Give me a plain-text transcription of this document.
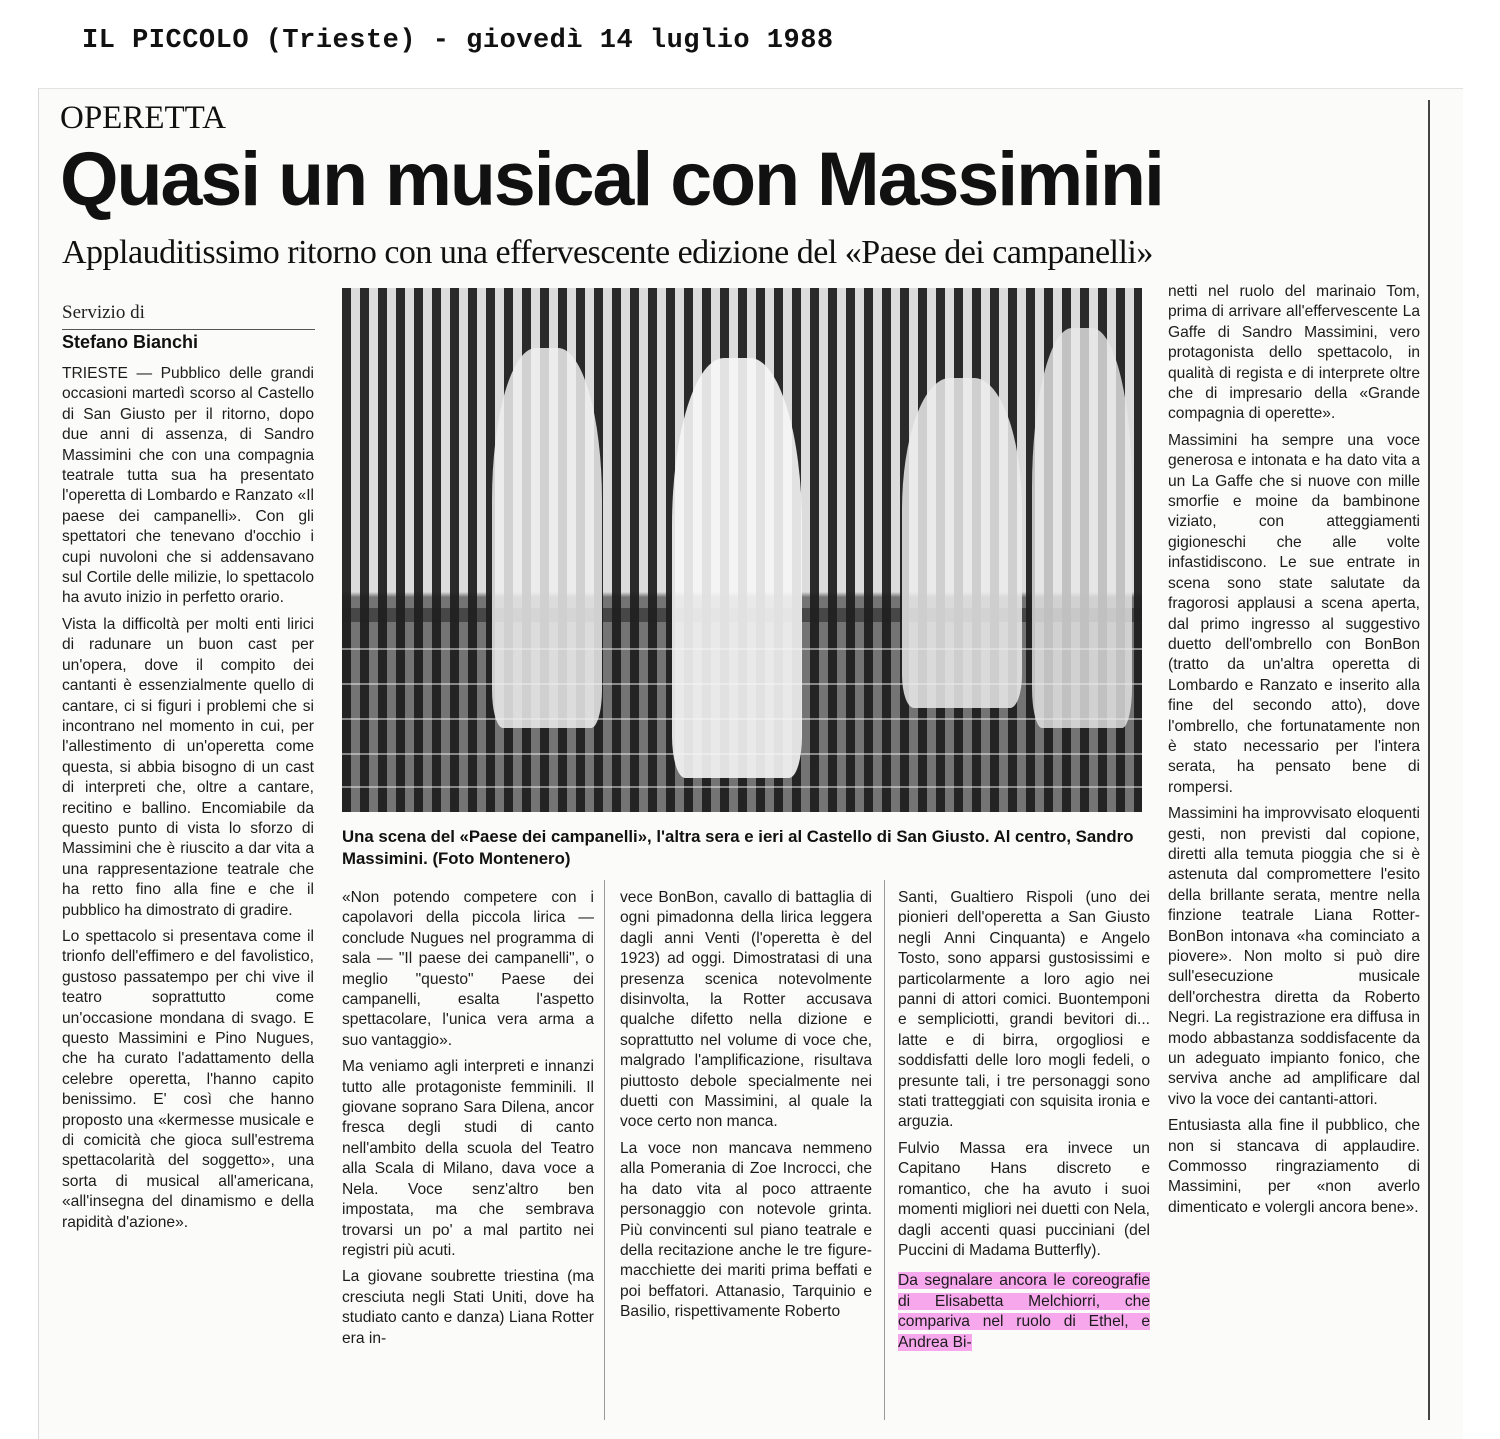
IL PICCOLO (Trieste) - giovedì 14 luglio 1988
OPERETTA
Quasi un musical con Massimini
Applauditissimo ritorno con una effervescente edizione del «Paese dei campanelli»
Servizio di
Stefano Bianchi

TRIESTE — Pubblico delle grandi occasioni martedì scorso al Castello di San Giusto per il ritorno, dopo due anni di assenza, di Sandro Massimini che con una compagnia teatrale tutta sua ha presentato l'operetta di Lombardo e Ranzato «Il paese dei campanelli». Con gli spettatori che tenevano d'occhio i cupi nuvoloni che si addensavano sul Cortile delle milizie, lo spettacolo ha avuto inizio in perfetto orario.

Vista la difficoltà per molti enti lirici di radunare un buon cast per un'opera, dove il compito dei cantanti è essenzialmente quello di cantare, ci si figuri i problemi che si incontrano nel momento in cui, per l'allestimento di un'operetta come questa, si abbia bisogno di un cast di interpreti che, oltre a cantare, recitino e ballino. Encomiabile da questo punto di vista lo sforzo di Massimini che è riuscito a dar vita a una rappresentazione teatrale che ha retto fino alla fine e che il pubblico ha dimostrato di gradire.

Lo spettacolo si presentava come il trionfo dell'effimero e del favolistico, gustoso passatempo per chi vive il teatro soprattutto come un'occasione mondana di svago. E questo Massimini e Pino Nugues, che ha curato l'adattamento della celebre operetta, l'hanno capito benissimo. E' così che hanno proposto una «kermesse musicale e di comicità che gioca sull'estrema spettacolarità del soggetto», una sorta di musical all'americana, «all'insegna del dinamismo e della rapidità d'azione».

Una scena del «Paese dei campanelli», l'altra sera e ieri al Castello di San Giusto. Al centro, Sandro Massimini. (Foto Montenero)

«Non potendo competere con i capolavori della piccola lirica — conclude Nugues nel programma di sala — "Il paese dei campanelli", o meglio "questo" Paese dei campanelli, esalta l'aspetto spettacolare, l'unica vera arma a suo vantaggio».

Ma veniamo agli interpreti e innanzi tutto alle protagoniste femminili. Il giovane soprano Sara Dilena, ancor fresca degli studi di canto nell'ambito della scuola del Teatro alla Scala di Milano, dava voce a Nela. Voce senz'altro ben impostata, ma che sembrava trovarsi un po' a mal partito nei registri più acuti.

La giovane soubrette triestina (ma cresciuta negli Stati Uniti, dove ha studiato canto e danza) Liana Rotter era in-

vece BonBon, cavallo di battaglia di ogni pimadonna della lirica leggera dagli anni Venti (l'operetta è del 1923) ad oggi. Dimostratasi di una presenza scenica notevolmente disinvolta, la Rotter accusava qualche difetto nella dizione e soprattutto nel volume di voce che, malgrado l'amplificazione, risultava piuttosto debole specialmente nei duetti con Massimini, al quale la voce certo non manca.

La voce non mancava nemmeno alla Pomerania di Zoe Incrocci, che ha dato vita al poco attraente personaggio con notevole grinta. Più convincenti sul piano teatrale e della recitazione anche le tre figure-macchiette dei mariti prima beffati e poi beffatori. Attanasio, Tarquinio e Basilio, rispettivamente Roberto

Santi, Gualtiero Rispoli (uno dei pionieri dell'operetta a San Giusto negli Anni Cinquanta) e Angelo Tosto, sono apparsi gustosissimi e particolarmente a loro agio nei panni di attori comici. Buontemponi e sempliciotti, grandi bevitori di... latte e di birra, orgogliosi e soddisfatti delle loro mogli fedeli, o presunte tali, i tre personaggi sono stati tratteggiati con squisita ironia e arguzia.

Fulvio Massa era invece un Capitano Hans discreto e romantico, che ha avuto i suoi momenti migliori nei duetti con Nela, dagli accenti quasi pucciniani (del Puccini di Madama Butterfly).

Da segnalare ancora le coreografie di Elisabetta Melchiorri, che compariva nel ruolo di Ethel, e Andrea Bi-

netti nel ruolo del marinaio Tom, prima di arrivare all'effervescente La Gaffe di Sandro Massimini, vero protagonista dello spettacolo, in qualità di regista e di interprete oltre che di impresario della «Grande compagnia di operette».

Massimini ha sempre una voce generosa e intonata e ha dato vita a un La Gaffe che si nuove con mille smorfie e moine da bambinone viziato, con atteggiamenti gigioneschi che alle volte infastidiscono. Le sue entrate in scena sono state salutate da fragorosi applausi a scena aperta, dal primo ingresso al suggestivo duetto dell'ombrello con BonBon (tratto da un'altra operetta di Lombardo e Ranzato e inserito alla fine del secondo atto), dove l'ombrello, che fortunatamente non è stato necessario per l'intera serata, ha pensato bene di rompersi.

Massimini ha improvvisato eloquenti gesti, non previsti dal copione, diretti alla temuta pioggia che si è astenuta dal compromettere l'esito della brillante serata, mentre nella finzione teatrale Liana Rotter-BonBon intonava «ha cominciato a piovere». Non molto si può dire sull'esecuzione musicale dell'orchestra diretta da Roberto Negri. La registrazione era diffusa in modo abbastanza soddisfacente da un adeguato impianto fonico, che serviva anche ad amplificare dal vivo la voce dei cantanti-attori.

Entusiasta alla fine il pubblico, che non si stancava di applaudire. Commosso ringraziamento di Massimini, per «non averlo dimenticato e volergli ancora bene».
